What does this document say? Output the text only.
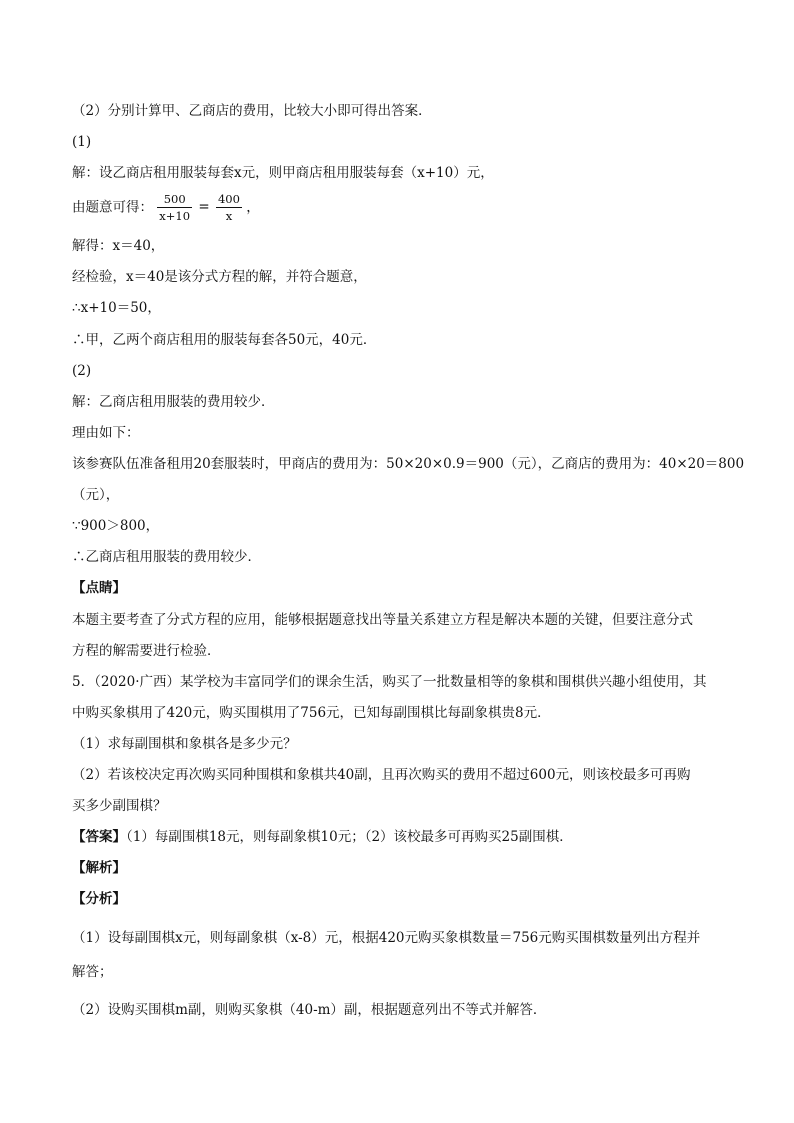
（2）分别计算甲、乙商店的费用，比较大小即可得出答案．
(1)
解：设乙商店租用服装每套x元，则甲商店租用服装每套（x+10）元，
由题意可得： $\frac{500}{x+10} = \frac{400}{x}$ ，
解得：x＝40，
经检验，x＝40是该分式方程的解，并符合题意，
∴x+10＝50，
∴甲，乙两个商店租用的服装每套各50元，40元．
(2)
解：乙商店租用服装的费用较少．
理由如下：
该参赛队伍准备租用20套服装时，甲商店的费用为：50×20×0.9＝900（元），乙商店的费用为：40×20＝800
（元），
∵900＞800，
∴乙商店租用服装的费用较少．
【点睛】
本题主要考查了分式方程的应用，能够根据题意找出等量关系建立方程是解决本题的关键，但要注意分式
方程的解需要进行检验．
5．（2020·广西）某学校为丰富同学们的课余生活，购买了一批数量相等的象棋和围棋供兴趣小组使用，其
中购买象棋用了420元，购买围棋用了756元，已知每副围棋比每副象棋贵8元．
（1）求每副围棋和象棋各是多少元？
（2）若该校决定再次购买同种围棋和象棋共40副，且再次购买的费用不超过600元，则该校最多可再购
买多少副围棋？
【答案】（1）每副围棋18元，则每副象棋10元；（2）该校最多可再购买25副围棋．
【解析】
【分析】
（1）设每副围棋x元，则每副象棋（x-8）元，根据420元购买象棋数量＝756元购买围棋数量列出方程并
解答；
（2）设购买围棋m副，则购买象棋（40-m）副，根据题意列出不等式并解答．
